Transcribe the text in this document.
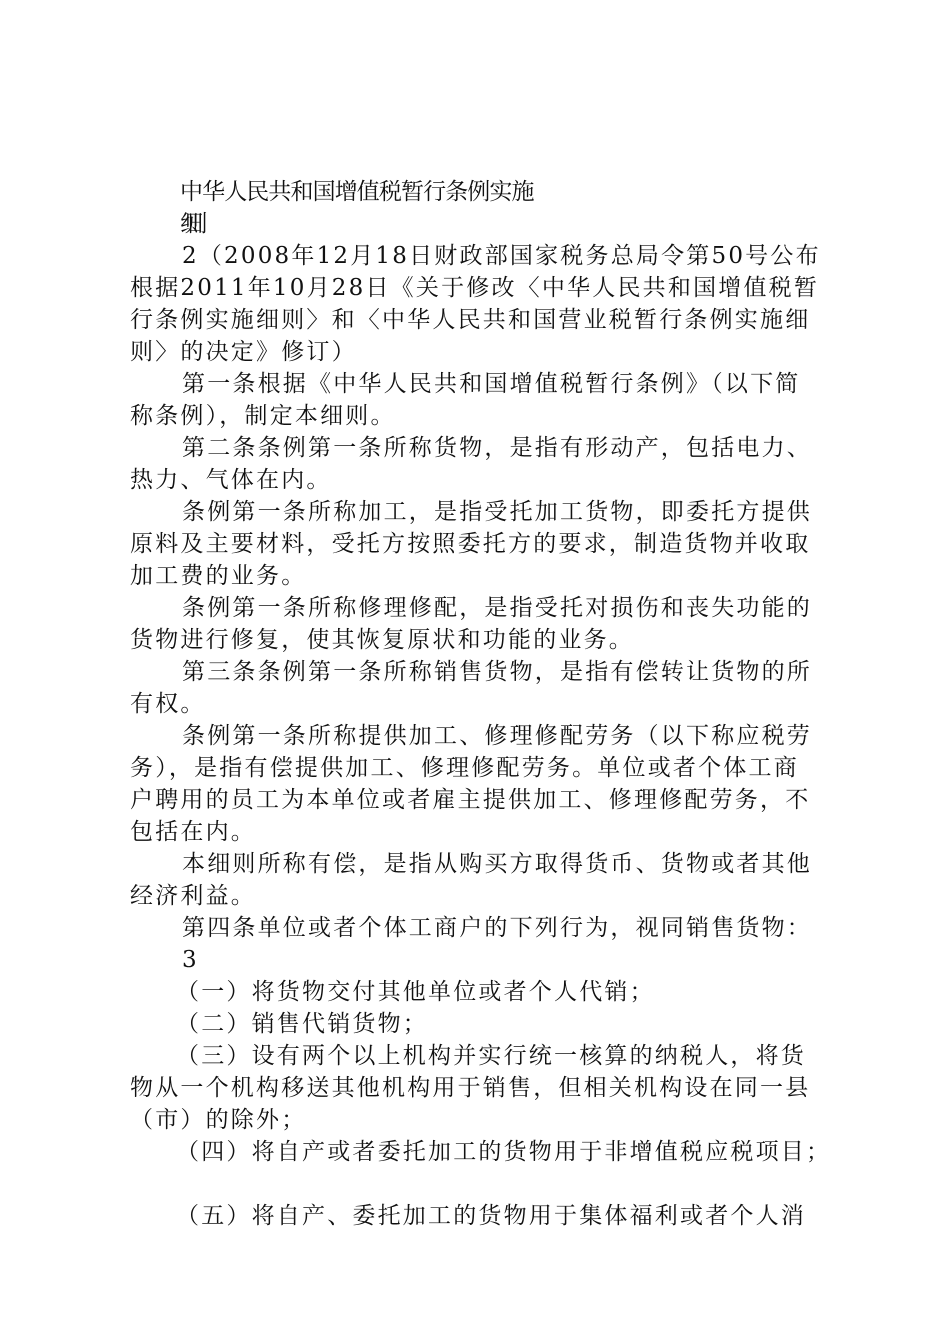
中华人民共和国增值税暂行条例实施
细则
2（2008年12月18日财政部国家税务总局令第50号公布
根据2011年10月28日《关于修改〈中华人民共和国增值税暂
行条例实施细则〉和〈中华人民共和国营业税暂行条例实施细
则〉的决定》修订）
第一条根据《中华人民共和国增值税暂行条例》（以下简
称条例），制定本细则。
第二条条例第一条所称货物，是指有形动产，包括电力、
热力、气体在内。
条例第一条所称加工，是指受托加工货物，即委托方提供
原料及主要材料，受托方按照委托方的要求，制造货物并收取
加工费的业务。
条例第一条所称修理修配，是指受托对损伤和丧失功能的
货物进行修复，使其恢复原状和功能的业务。
第三条条例第一条所称销售货物，是指有偿转让货物的所
有权。
条例第一条所称提供加工、修理修配劳务（以下称应税劳
务），是指有偿提供加工、修理修配劳务。单位或者个体工商
户聘用的员工为本单位或者雇主提供加工、修理修配劳务，不
包括在内。
本细则所称有偿，是指从购买方取得货币、货物或者其他
经济利益。
第四条单位或者个体工商户的下列行为，视同销售货物：
3
（一）将货物交付其他单位或者个人代销；
（二）销售代销货物；
（三）设有两个以上机构并实行统一核算的纳税人，将货
物从一个机构移送其他机构用于销售，但相关机构设在同一县
（市）的除外；
（四）将自产或者委托加工的货物用于非增值税应税项目；
（五）将自产、委托加工的货物用于集体福利或者个人消
